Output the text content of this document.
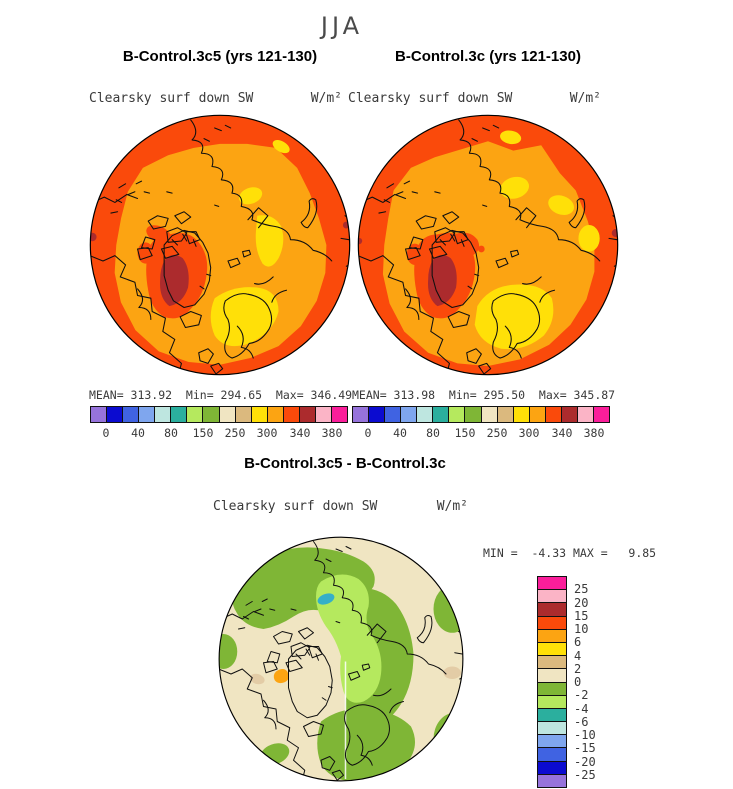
JJA
B-Control.3c5 (yrs 121-130)	B-Control.3c (yrs 121-130)
Clearsky surf down SW	W/m² Clearsky surf down SW	W/m²
MEAN= 313.92  Min= 294.65  Max= 346.49 MEAN= 313.98  Min= 295.50  Max= 345.87
0 40 80 150 250 300 340 380 0 40 80 150 250 300 340 380
B-Control.3c5 - B-Control.3c
Clearsky surf down SW	W/m²
MIN =  -4.33 MAX =   9.85
25
20
15
10
6
4
2
0
-2
-4
-6
-10
-15
-20
-25
